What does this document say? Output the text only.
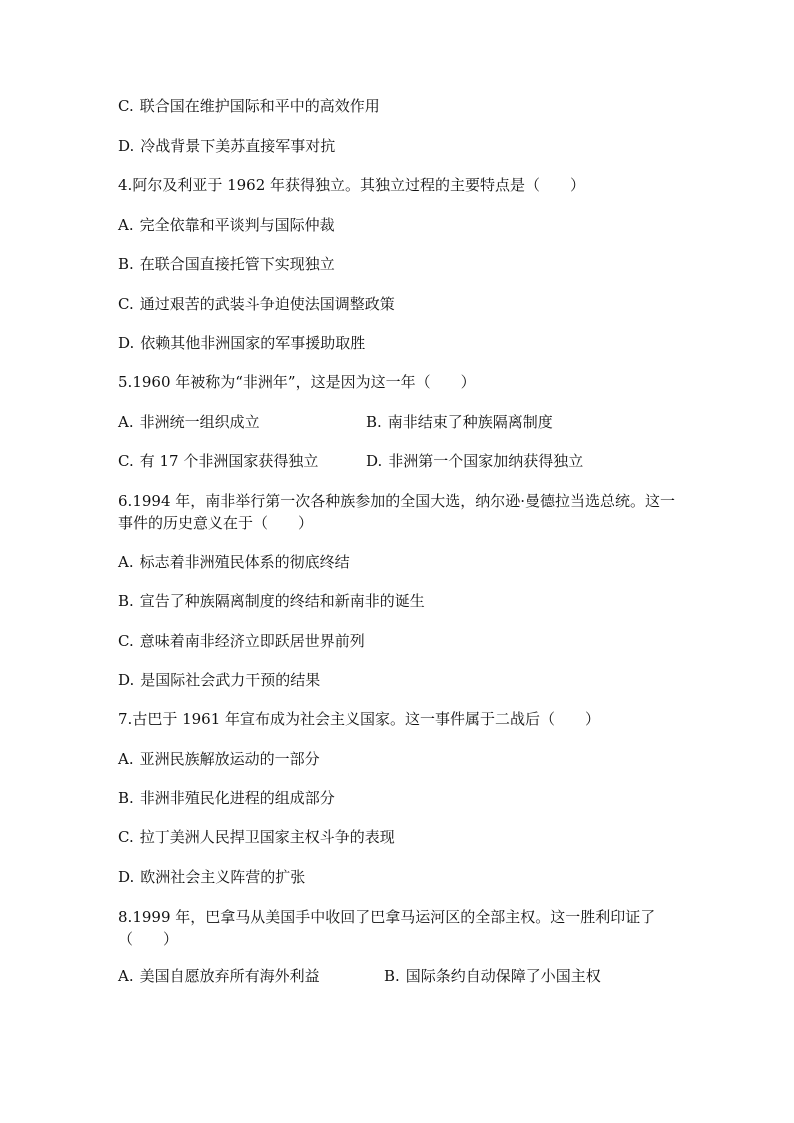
C. 联合国在维护国际和平中的高效作用
D. 冷战背景下美苏直接军事对抗
4.阿尔及利亚于 1962 年获得独立。其独立过程的主要特点是（　　）
A. 完全依靠和平谈判与国际仲裁
B. 在联合国直接托管下实现独立
C. 通过艰苦的武装斗争迫使法国调整政策
D. 依赖其他非洲国家的军事援助取胜
5.1960 年被称为“非洲年”，这是因为这一年（　　）
A. 非洲统一组织成立	B. 南非结束了种族隔离制度
C. 有 17 个非洲国家获得独立	D. 非洲第一个国家加纳获得独立
6.1994 年，南非举行第一次各种族参加的全国大选，纳尔逊·曼德拉当选总统。这一事件的历史意义在于（　　）
A. 标志着非洲殖民体系的彻底终结
B. 宣告了种族隔离制度的终结和新南非的诞生
C. 意味着南非经济立即跃居世界前列
D. 是国际社会武力干预的结果
7.古巴于 1961 年宣布成为社会主义国家。这一事件属于二战后（　　）
A. 亚洲民族解放运动的一部分
B. 非洲非殖民化进程的组成部分
C. 拉丁美洲人民捍卫国家主权斗争的表现
D. 欧洲社会主义阵营的扩张
8.1999 年，巴拿马从美国手中收回了巴拿马运河区的全部主权。这一胜利印证了（　　）
A. 美国自愿放弃所有海外利益	B. 国际条约自动保障了小国主权
